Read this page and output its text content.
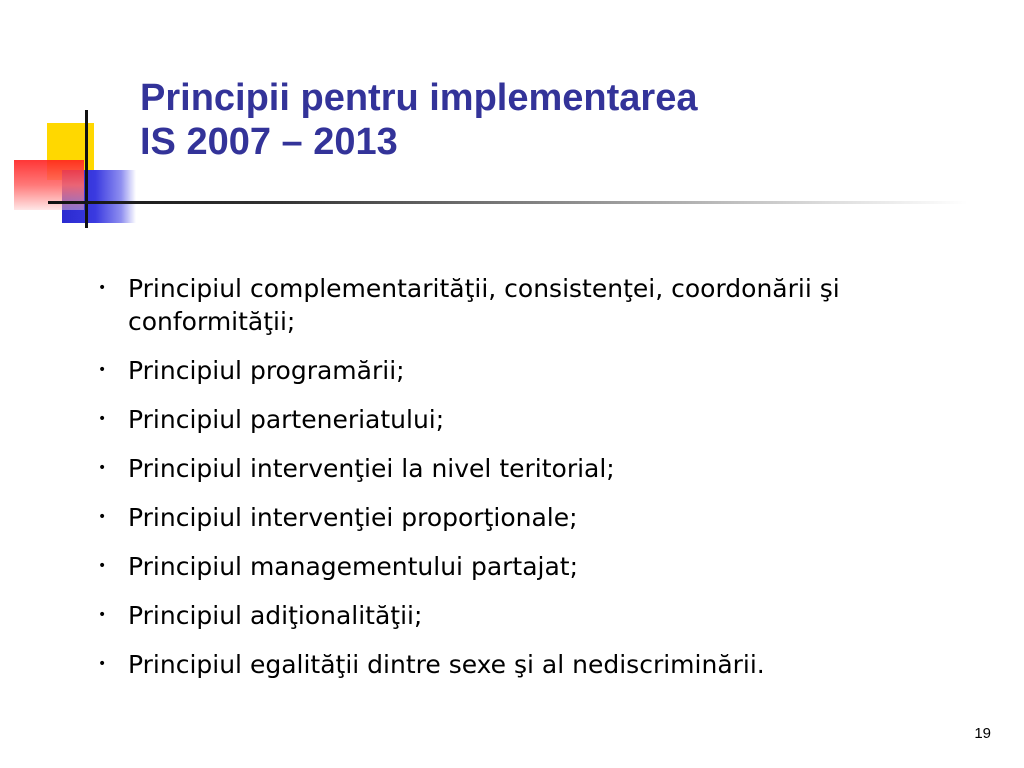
Principii pentru implementarea
IS 2007 – 2013
• Principiul complementarităţii, consistenţei, coordonării şi conformităţii;
• Principiul programării;
• Principiul parteneriatului;
• Principiul intervenţiei la nivel teritorial;
• Principiul intervenţiei proporţionale;
• Principiul managementului partajat;
• Principiul adiţionalităţii;
• Principiul egalităţii dintre sexe şi al nediscriminării.
19
